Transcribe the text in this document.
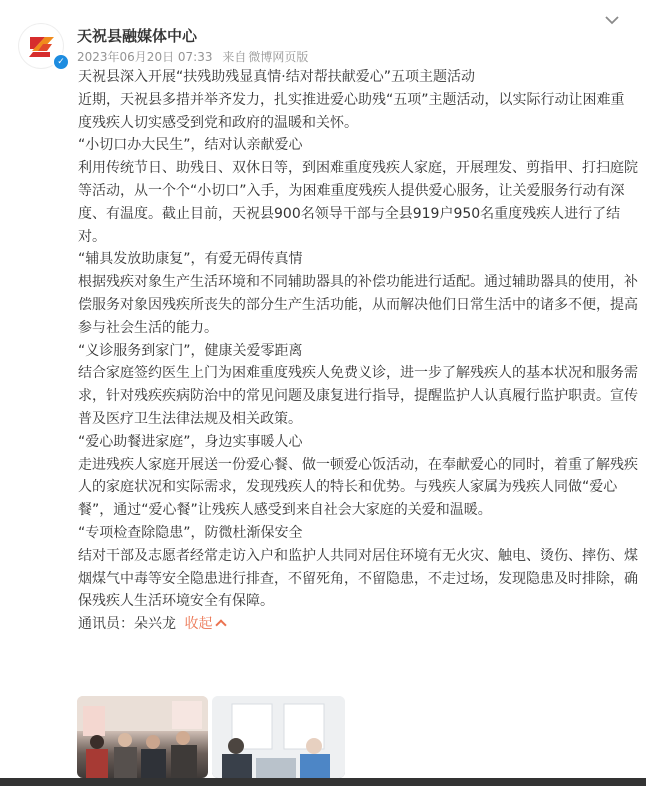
✓
天祝县融媒体中心
2023年06月20日 07:33 来自 微博网页版

天祝县深入开展“扶残助残显真情·结对帮扶献爱心”五项主题活动

近期，天祝县多措并举齐发力，扎实推进爱心助残“五项”主题活动，以实际行动让困难重度残疾人切实感受到党和政府的温暖和关怀。

“小切口办大民生”，结对认亲献爱心

利用传统节日、助残日、双休日等，到困难重度残疾人家庭，开展理发、剪指甲、打扫庭院等活动，从一个个“小切口”入手，为困难重度残疾人提供爱心服务，让关爱服务行动有深度、有温度。截止目前，天祝县900名领导干部与全县919户950名重度残疾人进行了结对。

“辅具发放助康复”，有爱无碍传真情

根据残疾对象生产生活环境和不同辅助器具的补偿功能进行适配。通过辅助器具的使用，补偿服务对象因残疾所丧失的部分生产生活功能，从而解决他们日常生活中的诸多不便，提高参与社会生活的能力。

“义诊服务到家门”，健康关爱零距离

结合家庭签约医生上门为困难重度残疾人免费义诊，进一步了解残疾人的基本状况和服务需求，针对残疾疾病防治中的常见问题及康复进行指导，提醒监护人认真履行监护职责。宣传普及医疗卫生法律法规及相关政策。

“爱心助餐进家庭”，身边实事暖人心

走进残疾人家庭开展送一份爱心餐、做一顿爱心饭活动，在奉献爱心的同时，着重了解残疾人的家庭状况和实际需求，发现残疾人的特长和优势。与残疾人家属为残疾人同做“爱心餐”，通过“爱心餐”让残疾人感受到来自社会大家庭的关爱和温暖。

“专项检查除隐患”，防微杜渐保安全

结对干部及志愿者经常走访入户和监护人共同对居住环境有无火灾、触电、烫伤、摔伤、煤烟煤气中毒等安全隐患进行排查，不留死角，不留隐患，不走过场，发现隐患及时排除，确保残疾人生活环境安全有保障。

通讯员：朵兴龙 收起
